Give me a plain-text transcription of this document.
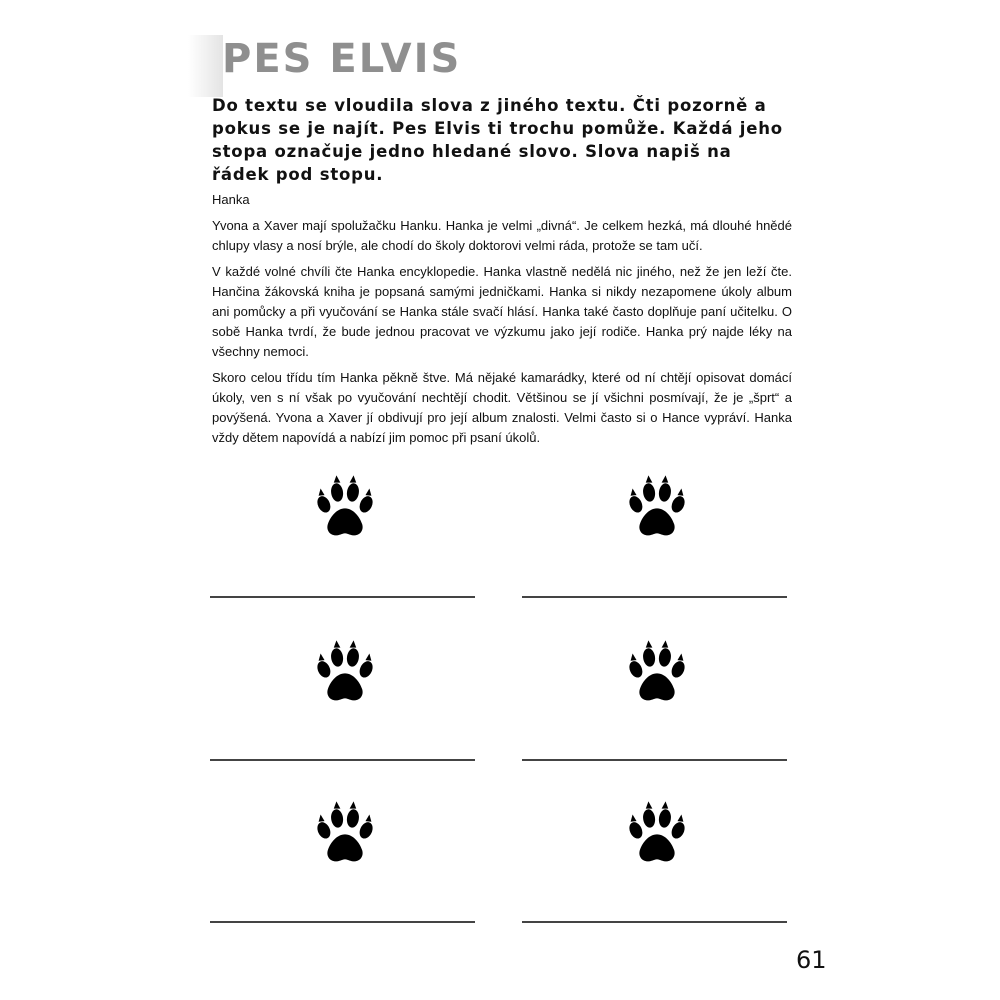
PES ELVIS

Do textu se vloudila slova z jiného textu. Čti pozorně a pokus se je najít. Pes Elvis ti trochu pomůže. Každá jeho stopa označuje jedno hledané slovo. Slova napiš na řádek pod stopu.

Hanka

Yvona a Xaver mají spolužačku Hanku. Hanka je velmi „divná“. Je celkem hezká, má dlouhé hnědé chlupy vlasy a nosí brýle, ale chodí do školy doktorovi velmi ráda, protože se tam učí.

V každé volné chvíli čte Hanka encyklopedie. Hanka vlastně nedělá nic jiného, než že jen leží čte. Hančina žákovská kniha je popsaná samými jedničkami. Hanka si nikdy nezapomene úkoly album ani pomůcky a při vyučování se Hanka stále svačí hlásí. Hanka také často doplňuje paní učitelku. O sobě Hanka tvrdí, že bude jednou pracovat ve výzkumu jako její rodiče. Hanka prý najde léky na všechny nemoci.

Skoro celou třídu tím Hanka pěkně štve. Má nějaké kamarádky, které od ní chtějí opisovat domácí úkoly, ven s ní však po vyučování nechtějí chodit. Většinou se jí všichni posmívají, že je „šprt“ a povýšená. Yvona a Xaver jí obdivují pro její album znalosti. Velmi často si o Hance vypráví. Hanka vždy dětem napovídá a nabízí jim pomoc při psaní úkolů.

61
